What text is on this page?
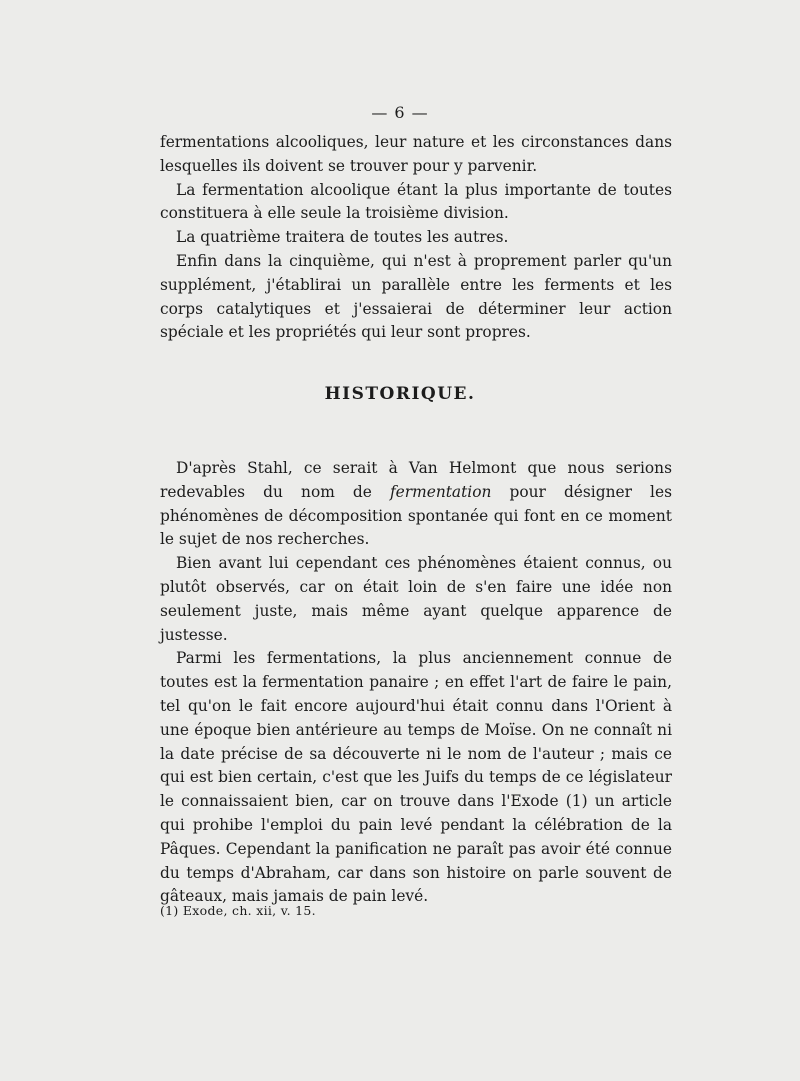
— 6 —

fermentations alcooliques, leur nature et les circonstances dans lesquelles ils doivent se trouver pour y parvenir.

La fermentation alcoolique étant la plus importante de toutes constituera à elle seule la troisième division.

La quatrième traitera de toutes les autres.

Enfin dans la cinquième, qui n'est à proprement parler qu'un supplément, j'établirai un parallèle entre les ferments et les corps catalytiques et j'essaierai de déterminer leur action spéciale et les propriétés qui leur sont propres.

HISTORIQUE.

D'après Stahl, ce serait à Van Helmont que nous serions redevables du nom de fermentation pour désigner les phénomènes de décomposition spontanée qui font en ce moment le sujet de nos recherches.

Bien avant lui cependant ces phénomènes étaient connus, ou plutôt observés, car on était loin de s'en faire une idée non seulement juste, mais même ayant quelque apparence de justesse.

Parmi les fermentations, la plus anciennement connue de toutes est la fermentation panaire ; en effet l'art de faire le pain, tel qu'on le fait encore aujourd'hui était connu dans l'Orient à une époque bien antérieure au temps de Moïse. On ne connaît ni la date précise de sa découverte ni le nom de l'auteur ; mais ce qui est bien certain, c'est que les Juifs du temps de ce législateur le connaissaient bien, car on trouve dans l'Exode (1) un article qui prohibe l'emploi du pain levé pendant la célébration de la Pâques. Cependant la panification ne paraît pas avoir été connue du temps d'Abraham, car dans son histoire on parle souvent de gâteaux, mais jamais de pain levé.

(1) Exode, ch. xii, v. 15.
